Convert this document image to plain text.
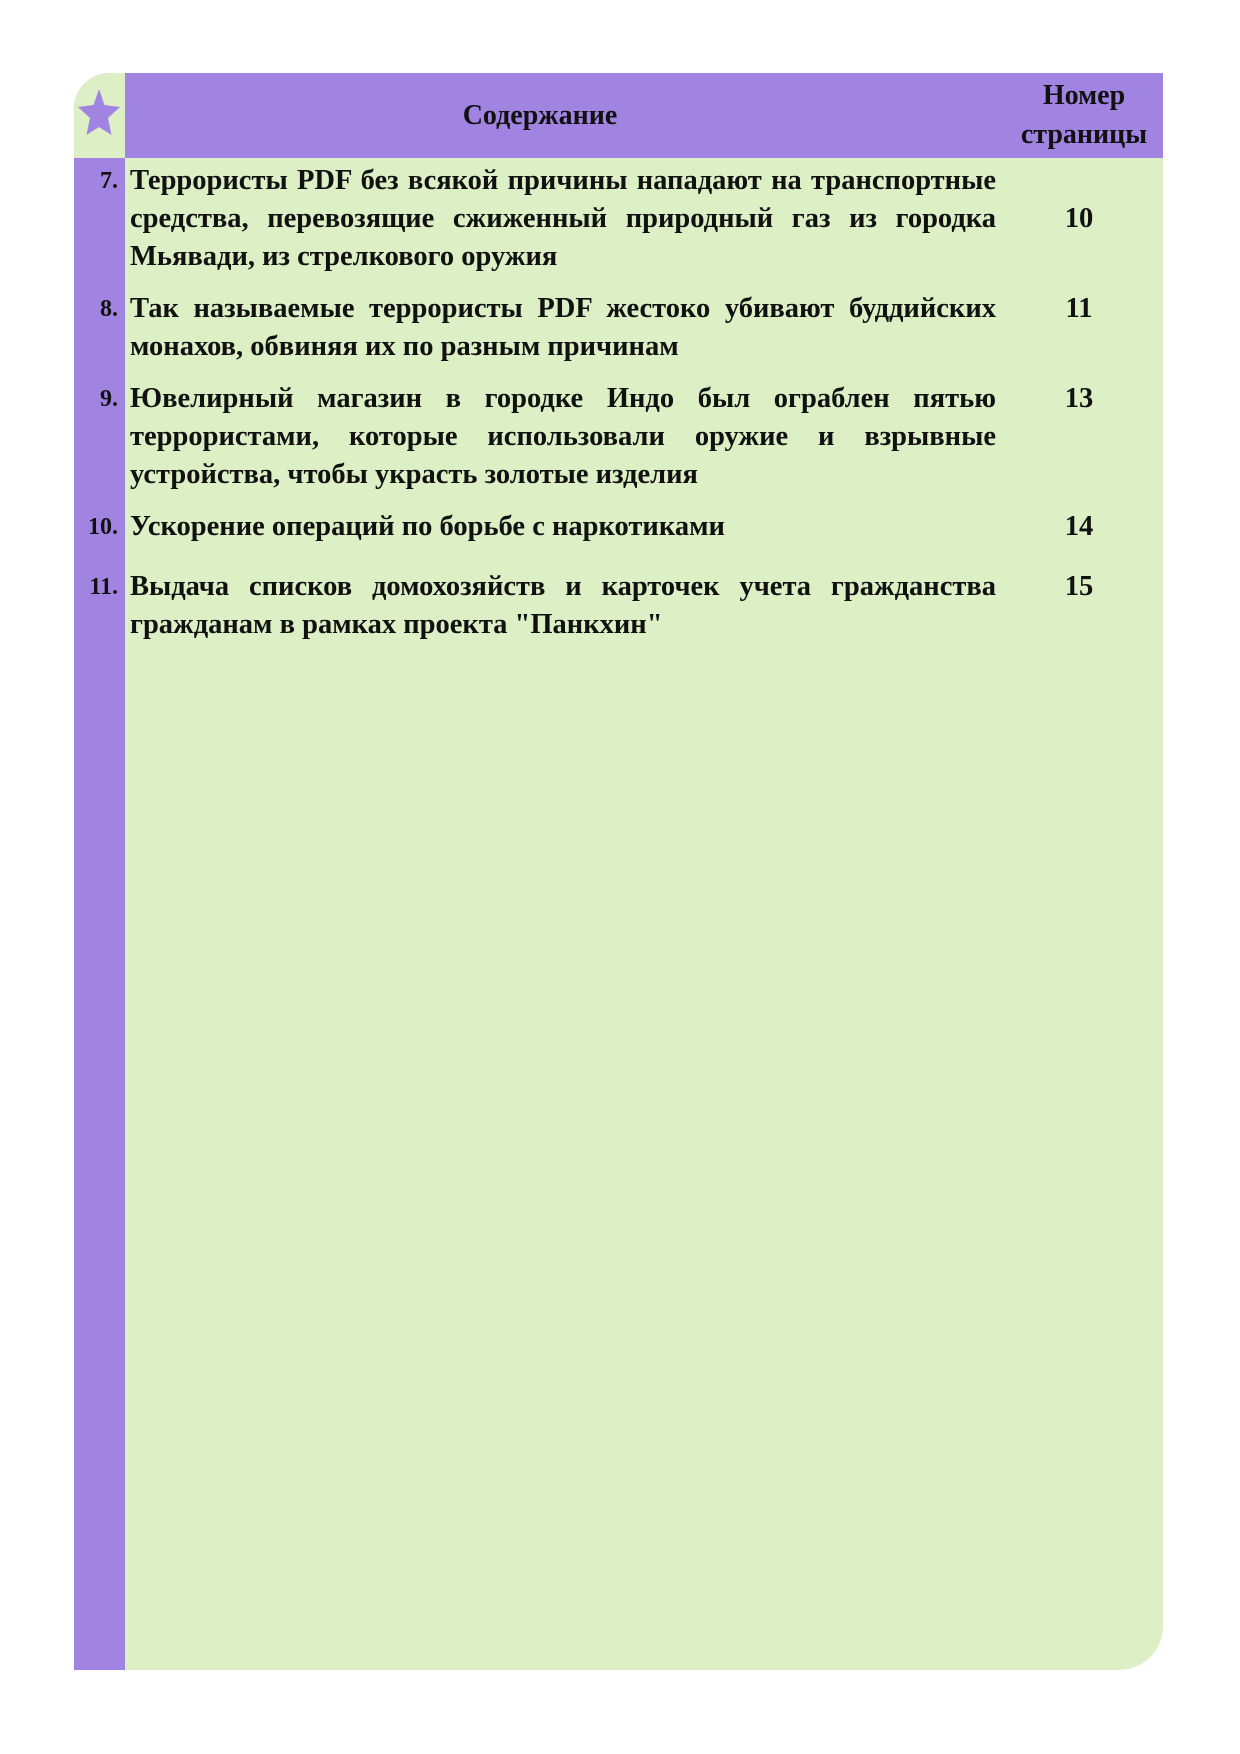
Содержание
Номер
страницы
7. Террористы PDF без всякой причины нападают на транспортные средства, перевозящие сжиженный природный газ из городка Мьявади, из стрелкового оружия
10
8. Так называемые террористы PDF жестоко убивают буддийских монахов, обвиняя их по разным причинам
11
9. Ювелирный магазин в городке Индо был ограблен пятью террористами, которые использовали оружие и взрывные устройства, чтобы украсть золотые изделия
13
10. Ускорение операций по борьбе с наркотиками	14
11. Выдача списков домохозяйств и карточек учета гражданства гражданам в рамках проекта "Панкхин"
15
